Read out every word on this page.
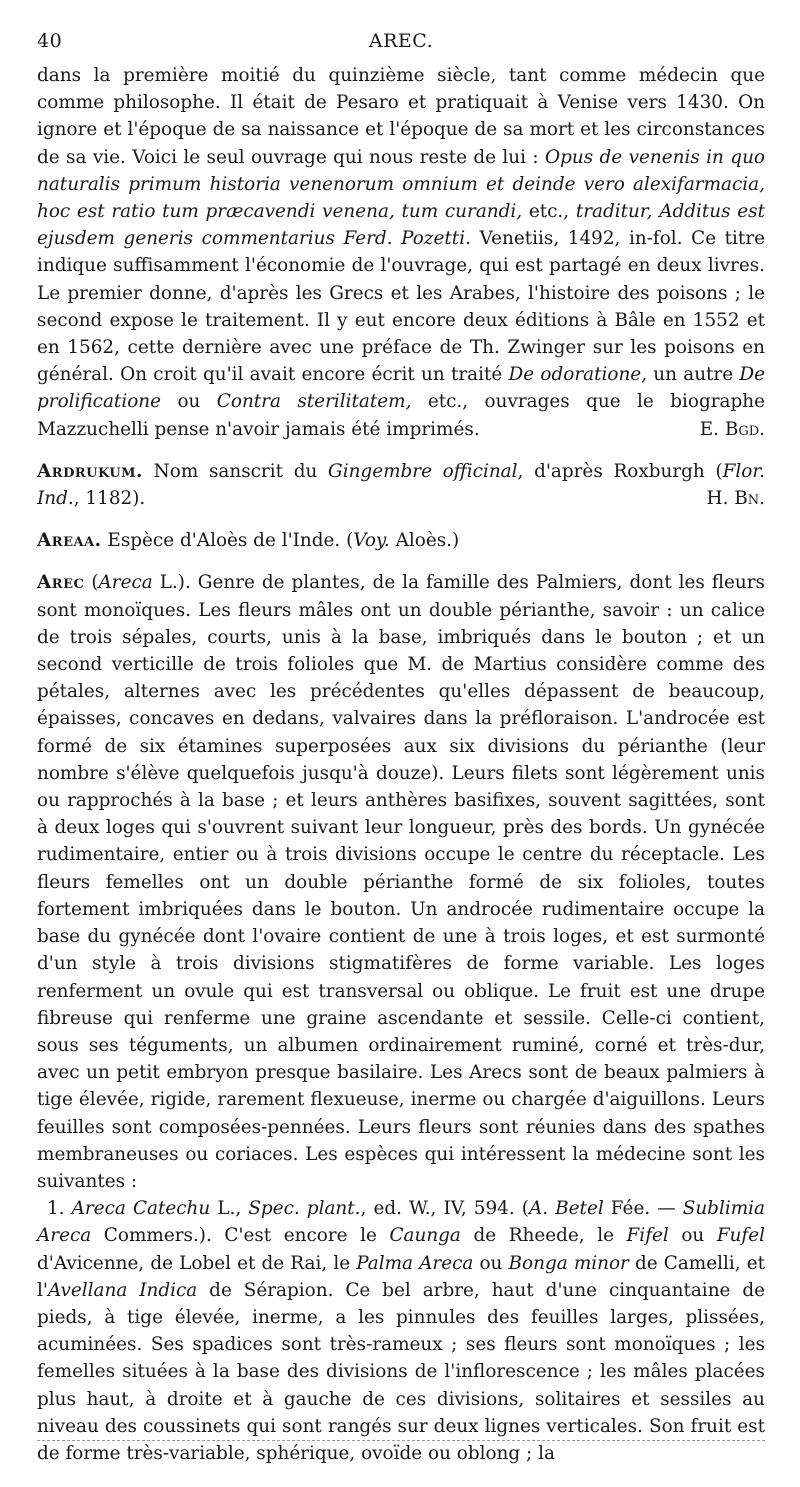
40	AREC.

dans la première moitié du quinzième siècle, tant comme médecin que comme philosophe. Il était de Pesaro et pratiquait à Venise vers 1430. On ignore et l'époque de sa naissance et l'époque de sa mort et les circonstances de sa vie. Voici le seul ouvrage qui nous reste de lui : Opus de venenis in quo naturalis primum historia venenorum omnium et deinde vero alexifarmacia, hoc est ratio tum præcavendi venena, tum curandi, etc., traditur, Additus est ejusdem generis commentarius Ferd. Pozetti. Venetiis, 1492, in-fol. Ce titre indique suffisamment l'économie de l'ouvrage, qui est partagé en deux livres. Le premier donne, d'après les Grecs et les Arabes, l'histoire des poisons ; le second expose le traitement. Il y eut encore deux éditions à Bâle en 1552 et en 1562, cette dernière avec une préface de Th. Zwinger sur les poisons en général. On croit qu'il avait encore écrit un traité De odoratione, un autre De prolificatione ou Contra sterilitatem, etc., ouvrages que le biographe Mazzuchelli pense n'avoir jamais été imprimés.	E. Bgd.

Ardrukum. Nom sanscrit du Gingembre officinal, d'après Roxburgh (Flor. Ind., 1182).	H. Bn.

Areaa. Espèce d'Aloès de l'Inde. (Voy. Aloès.)

Arec (Areca L.). Genre de plantes, de la famille des Palmiers, dont les fleurs sont monoïques. Les fleurs mâles ont un double périanthe, savoir : un calice de trois sépales, courts, unis à la base, imbriqués dans le bouton ; et un second verticille de trois folioles que M. de Martius considère comme des pétales, alternes avec les précédentes qu'elles dépassent de beaucoup, épaisses, concaves en dedans, valvaires dans la préfloraison. L'androcée est formé de six étamines superposées aux six divisions du périanthe (leur nombre s'élève quelquefois jusqu'à douze). Leurs filets sont légèrement unis ou rapprochés à la base ; et leurs anthères basifixes, souvent sagittées, sont à deux loges qui s'ouvrent suivant leur longueur, près des bords. Un gynécée rudimentaire, entier ou à trois divisions occupe le centre du réceptacle. Les fleurs femelles ont un double périanthe formé de six folioles, toutes fortement imbriquées dans le bouton. Un androcée rudimentaire occupe la base du gynécée dont l'ovaire contient de une à trois loges, et est surmonté d'un style à trois divisions stigmatifères de forme variable. Les loges renferment un ovule qui est transversal ou oblique. Le fruit est une drupe fibreuse qui renferme une graine ascendante et sessile. Celle-ci contient, sous ses téguments, un albumen ordinairement ruminé, corné et très-dur, avec un petit embryon presque basilaire. Les Arecs sont de beaux palmiers à tige élevée, rigide, rarement flexueuse, inerme ou chargée d'aiguillons. Leurs feuilles sont composées-pennées. Leurs fleurs sont réunies dans des spathes membraneuses ou coriaces. Les espèces qui intéressent la médecine sont les suivantes :

1. Areca Catechu L., Spec. plant., ed. W., IV, 594. (A. Betel Fée. — Sublimia Areca Commers.). C'est encore le Caunga de Rheede, le Fifel ou Fufel d'Avicenne, de Lobel et de Rai, le Palma Areca ou Bonga minor de Camelli, et l'Avellana Indica de Sérapion. Ce bel arbre, haut d'une cinquantaine de pieds, à tige élevée, inerme, a les pinnules des feuilles larges, plissées, acuminées. Ses spadices sont très-rameux ; ses fleurs sont monoïques ; les femelles situées à la base des divisions de l'inflorescence ; les mâles placées plus haut, à droite et à gauche de ces divisions, solitaires et sessiles au niveau des coussinets qui sont rangés sur deux lignes verticales. Son fruit est de forme très-variable, sphérique, ovoïde ou oblong ; la
